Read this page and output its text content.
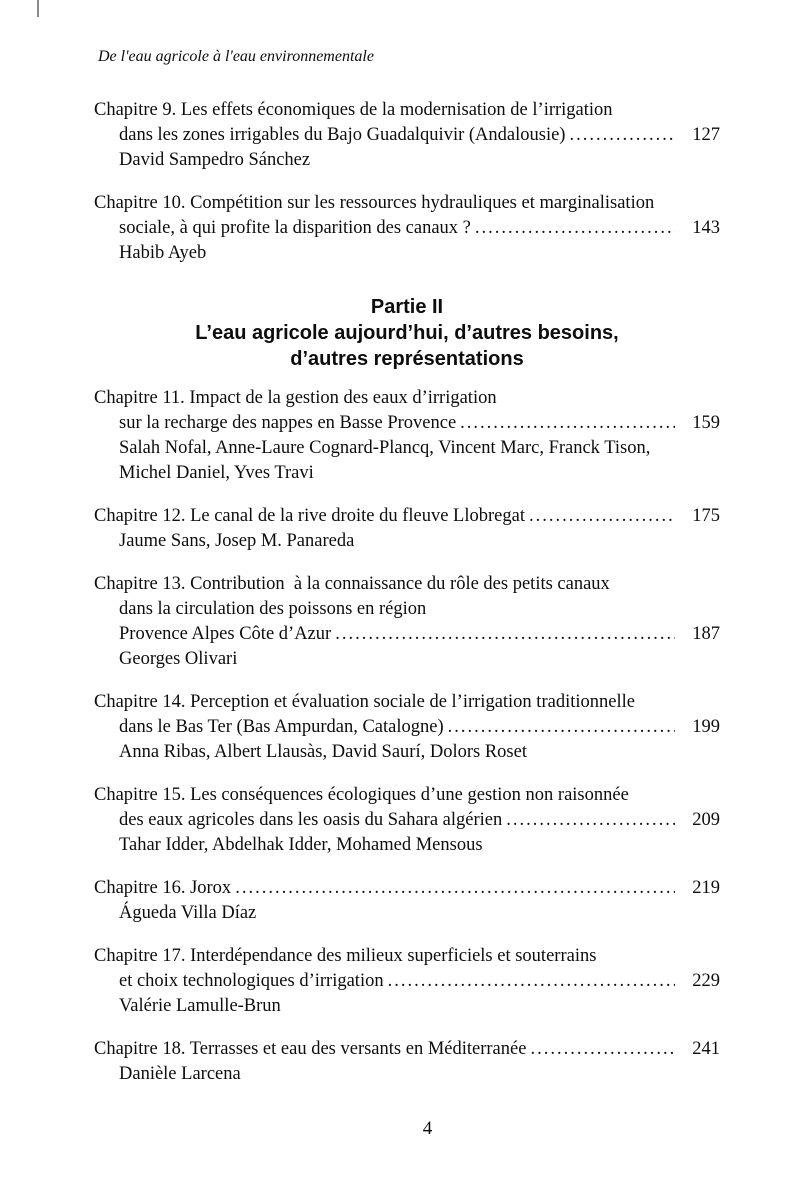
De l'eau agricole à l'eau environnementale
Chapitre 9. Les effets économiques de la modernisation de l’irrigation
dans les zones irrigables du Bajo Guadalquivir (Andalousie) .....	127
David Sampedro Sánchez
Chapitre 10. Compétition sur les ressources hydrauliques et marginalisation
sociale, à qui profite la disparition des canaux ? .....	143
Habib Ayeb
Partie II
L’eau agricole aujourd’hui, d’autres besoins,
d’autres représentations
Chapitre 11. Impact de la gestion des eaux d’irrigation
sur la recharge des nappes en Basse Provence .....	159
Salah Nofal, Anne-Laure Cognard-Plancq, Vincent Marc, Franck Tison,
Michel Daniel, Yves Travi
Chapitre 12. Le canal de la rive droite du fleuve Llobregat .....	175
Jaume Sans, Josep M. Panareda
Chapitre 13. Contribution  à la connaissance du rôle des petits canaux
dans la circulation des poissons en région
Provence Alpes Côte d’Azur .....	187
Georges Olivari
Chapitre 14. Perception et évaluation sociale de l’irrigation traditionnelle
dans le Bas Ter (Bas Ampurdan, Catalogne) .....	199
Anna Ribas, Albert Llausàs, David Saurí, Dolors Roset
Chapitre 15. Les conséquences écologiques d’une gestion non raisonnée
des eaux agricoles dans les oasis du Sahara algérien .....	209
Tahar Idder, Abdelhak Idder, Mohamed Mensous
Chapitre 16. Jorox .....	219
Águeda Villa Díaz
Chapitre 17. Interdépendance des milieux superficiels et souterrains
et choix technologiques d’irrigation .....	229
Valérie Lamulle-Brun
Chapitre 18. Terrasses et eau des versants en Méditerranée .....	241
Danièle Larcena
4
